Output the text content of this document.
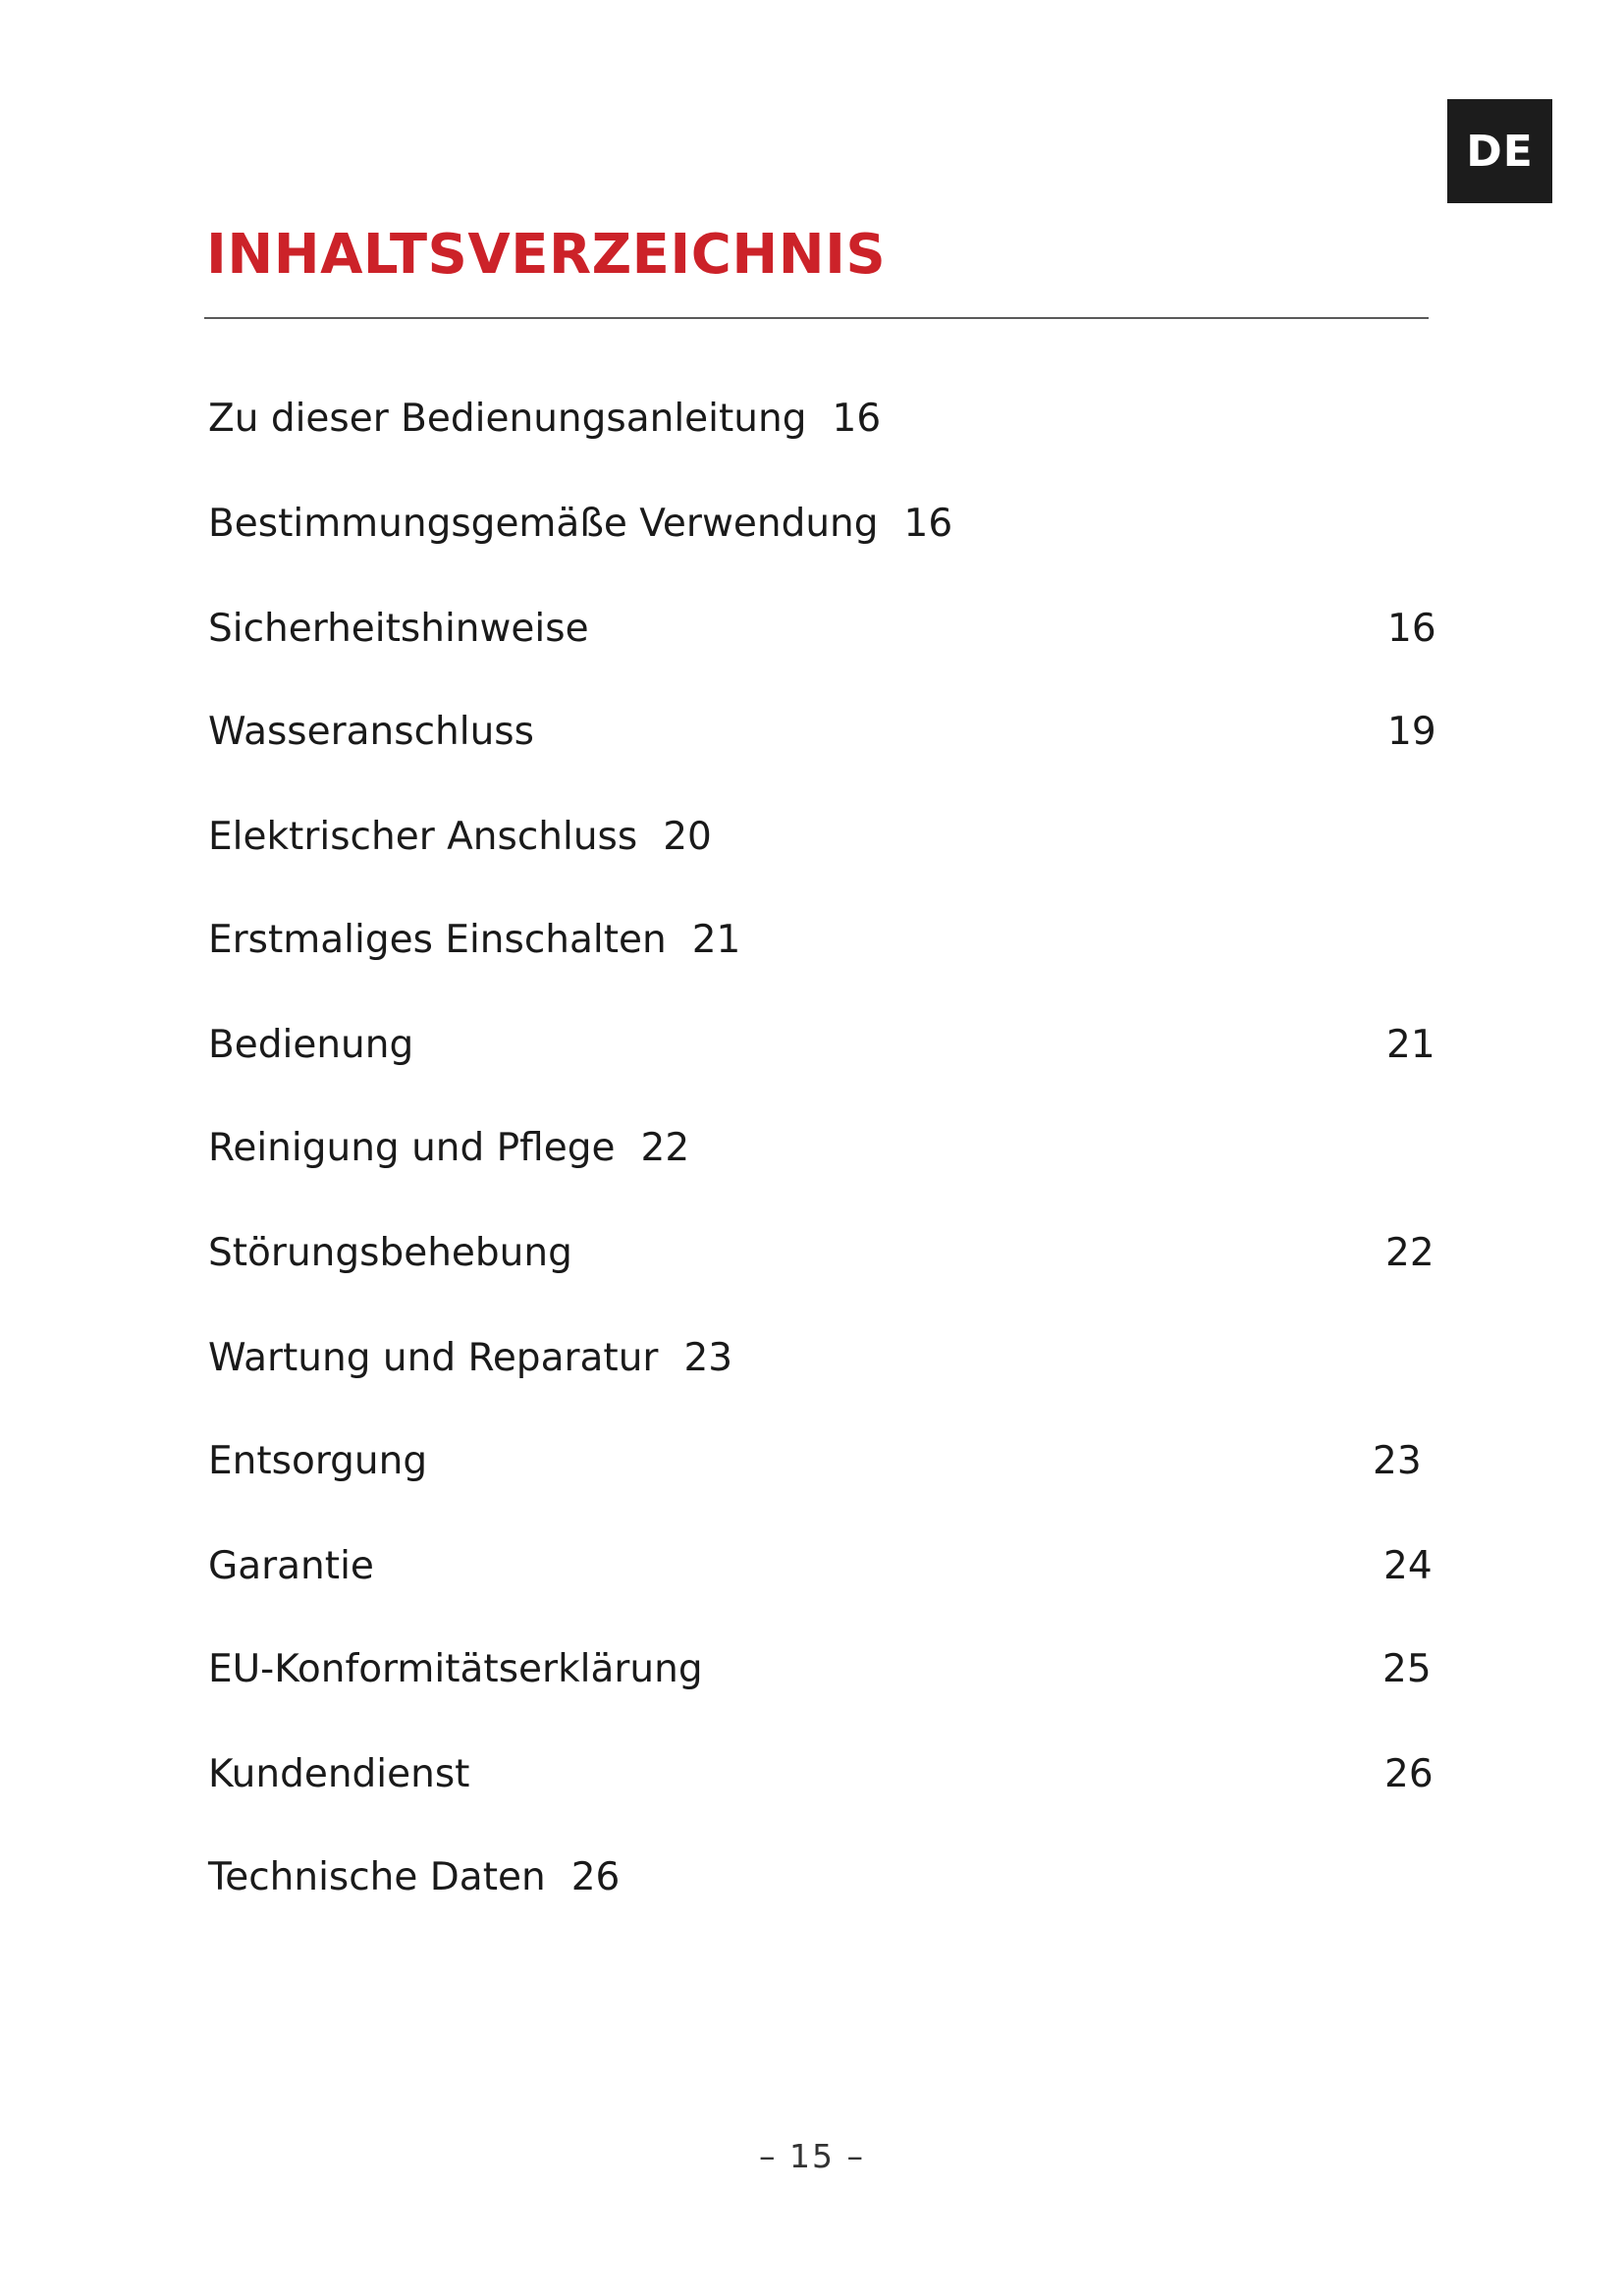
DE
INHALTSVERZEICHNIS
Zu dieser Bedienungsanleitung 16
Bestimmungsgemäße Verwendung 16
Sicherheitshinweise	16
Wasseranschluss	19
Elektrischer Anschluss 20
Erstmaliges Einschalten 21
Bedienung	21
Reinigung und Pflege 22
Störungsbehebung	22
Wartung und Reparatur 23
Entsorgung	23
Garantie	24
EU-Konformitätserklärung	25
Kundendienst	26
Technische Daten 26
– 15 –
